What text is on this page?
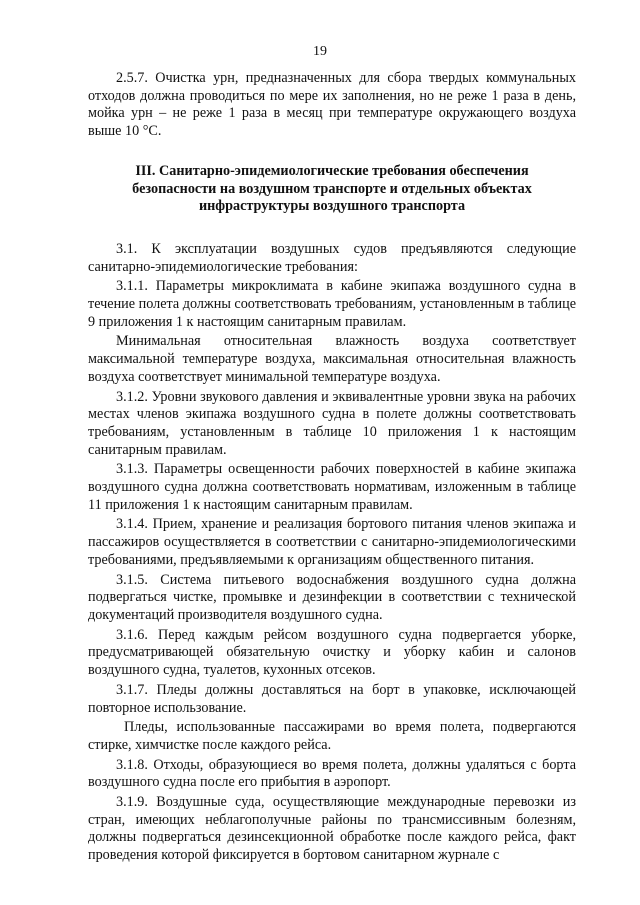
19

2.5.7. Очистка урн, предназначенных для сбора твердых коммунальных отходов должна проводиться по мере их заполнения, но не реже 1 раза в день, мойка урн – не реже 1 раза в месяц при температуре окружающего воздуха выше 10 °С.

III. Санитарно-эпидемиологические требования обеспечения безопасности на воздушном транспорте и отдельных объектах инфраструктуры воздушного транспорта

3.1. К эксплуатации воздушных судов предъявляются следующие санитарно-эпидемиологические требования:

3.1.1. Параметры микроклимата в кабине экипажа воздушного судна в течение полета должны соответствовать требованиям, установленным в таблице 9 приложения 1 к настоящим санитарным правилам.

Минимальная относительная влажность воздуха соответствует максимальной температуре воздуха, максимальная относительная влажность воздуха соответствует минимальной температуре воздуха.

3.1.2. Уровни звукового давления и эквивалентные уровни звука на рабочих местах членов экипажа воздушного судна в полете должны соответствовать требованиям, установленным в таблице 10 приложения 1 к настоящим санитарным правилам.

3.1.3. Параметры освещенности рабочих поверхностей в кабине экипажа воздушного судна должна соответствовать нормативам, изложенным в таблице 11 приложения 1 к настоящим санитарным правилам.

3.1.4. Прием, хранение и реализация бортового питания членов экипажа и пассажиров осуществляется в соответствии с санитарно-эпидемиологическими требованиями, предъявляемыми к организациям общественного питания.

3.1.5. Система питьевого водоснабжения воздушного судна должна подвергаться чистке, промывке и дезинфекции в соответствии с технической документаций производителя воздушного судна.

3.1.6. Перед каждым рейсом воздушного судна подвергается уборке, предусматривающей обязательную очистку и уборку кабин и салонов воздушного судна, туалетов, кухонных отсеков.

3.1.7. Пледы должны доставляться на борт в упаковке, исключающей повторное использование.

Пледы, использованные пассажирами во время полета, подвергаются стирке, химчистке после каждого рейса.

3.1.8. Отходы, образующиеся во время полета, должны удаляться с борта воздушного судна после его прибытия в аэропорт.

3.1.9. Воздушные суда, осуществляющие международные перевозки из стран, имеющих неблагополучные районы по трансмиссивным болезням, должны подвергаться дезинсекционной обработке после каждого рейса, факт проведения которой фиксируется в бортовом санитарном журнале с
